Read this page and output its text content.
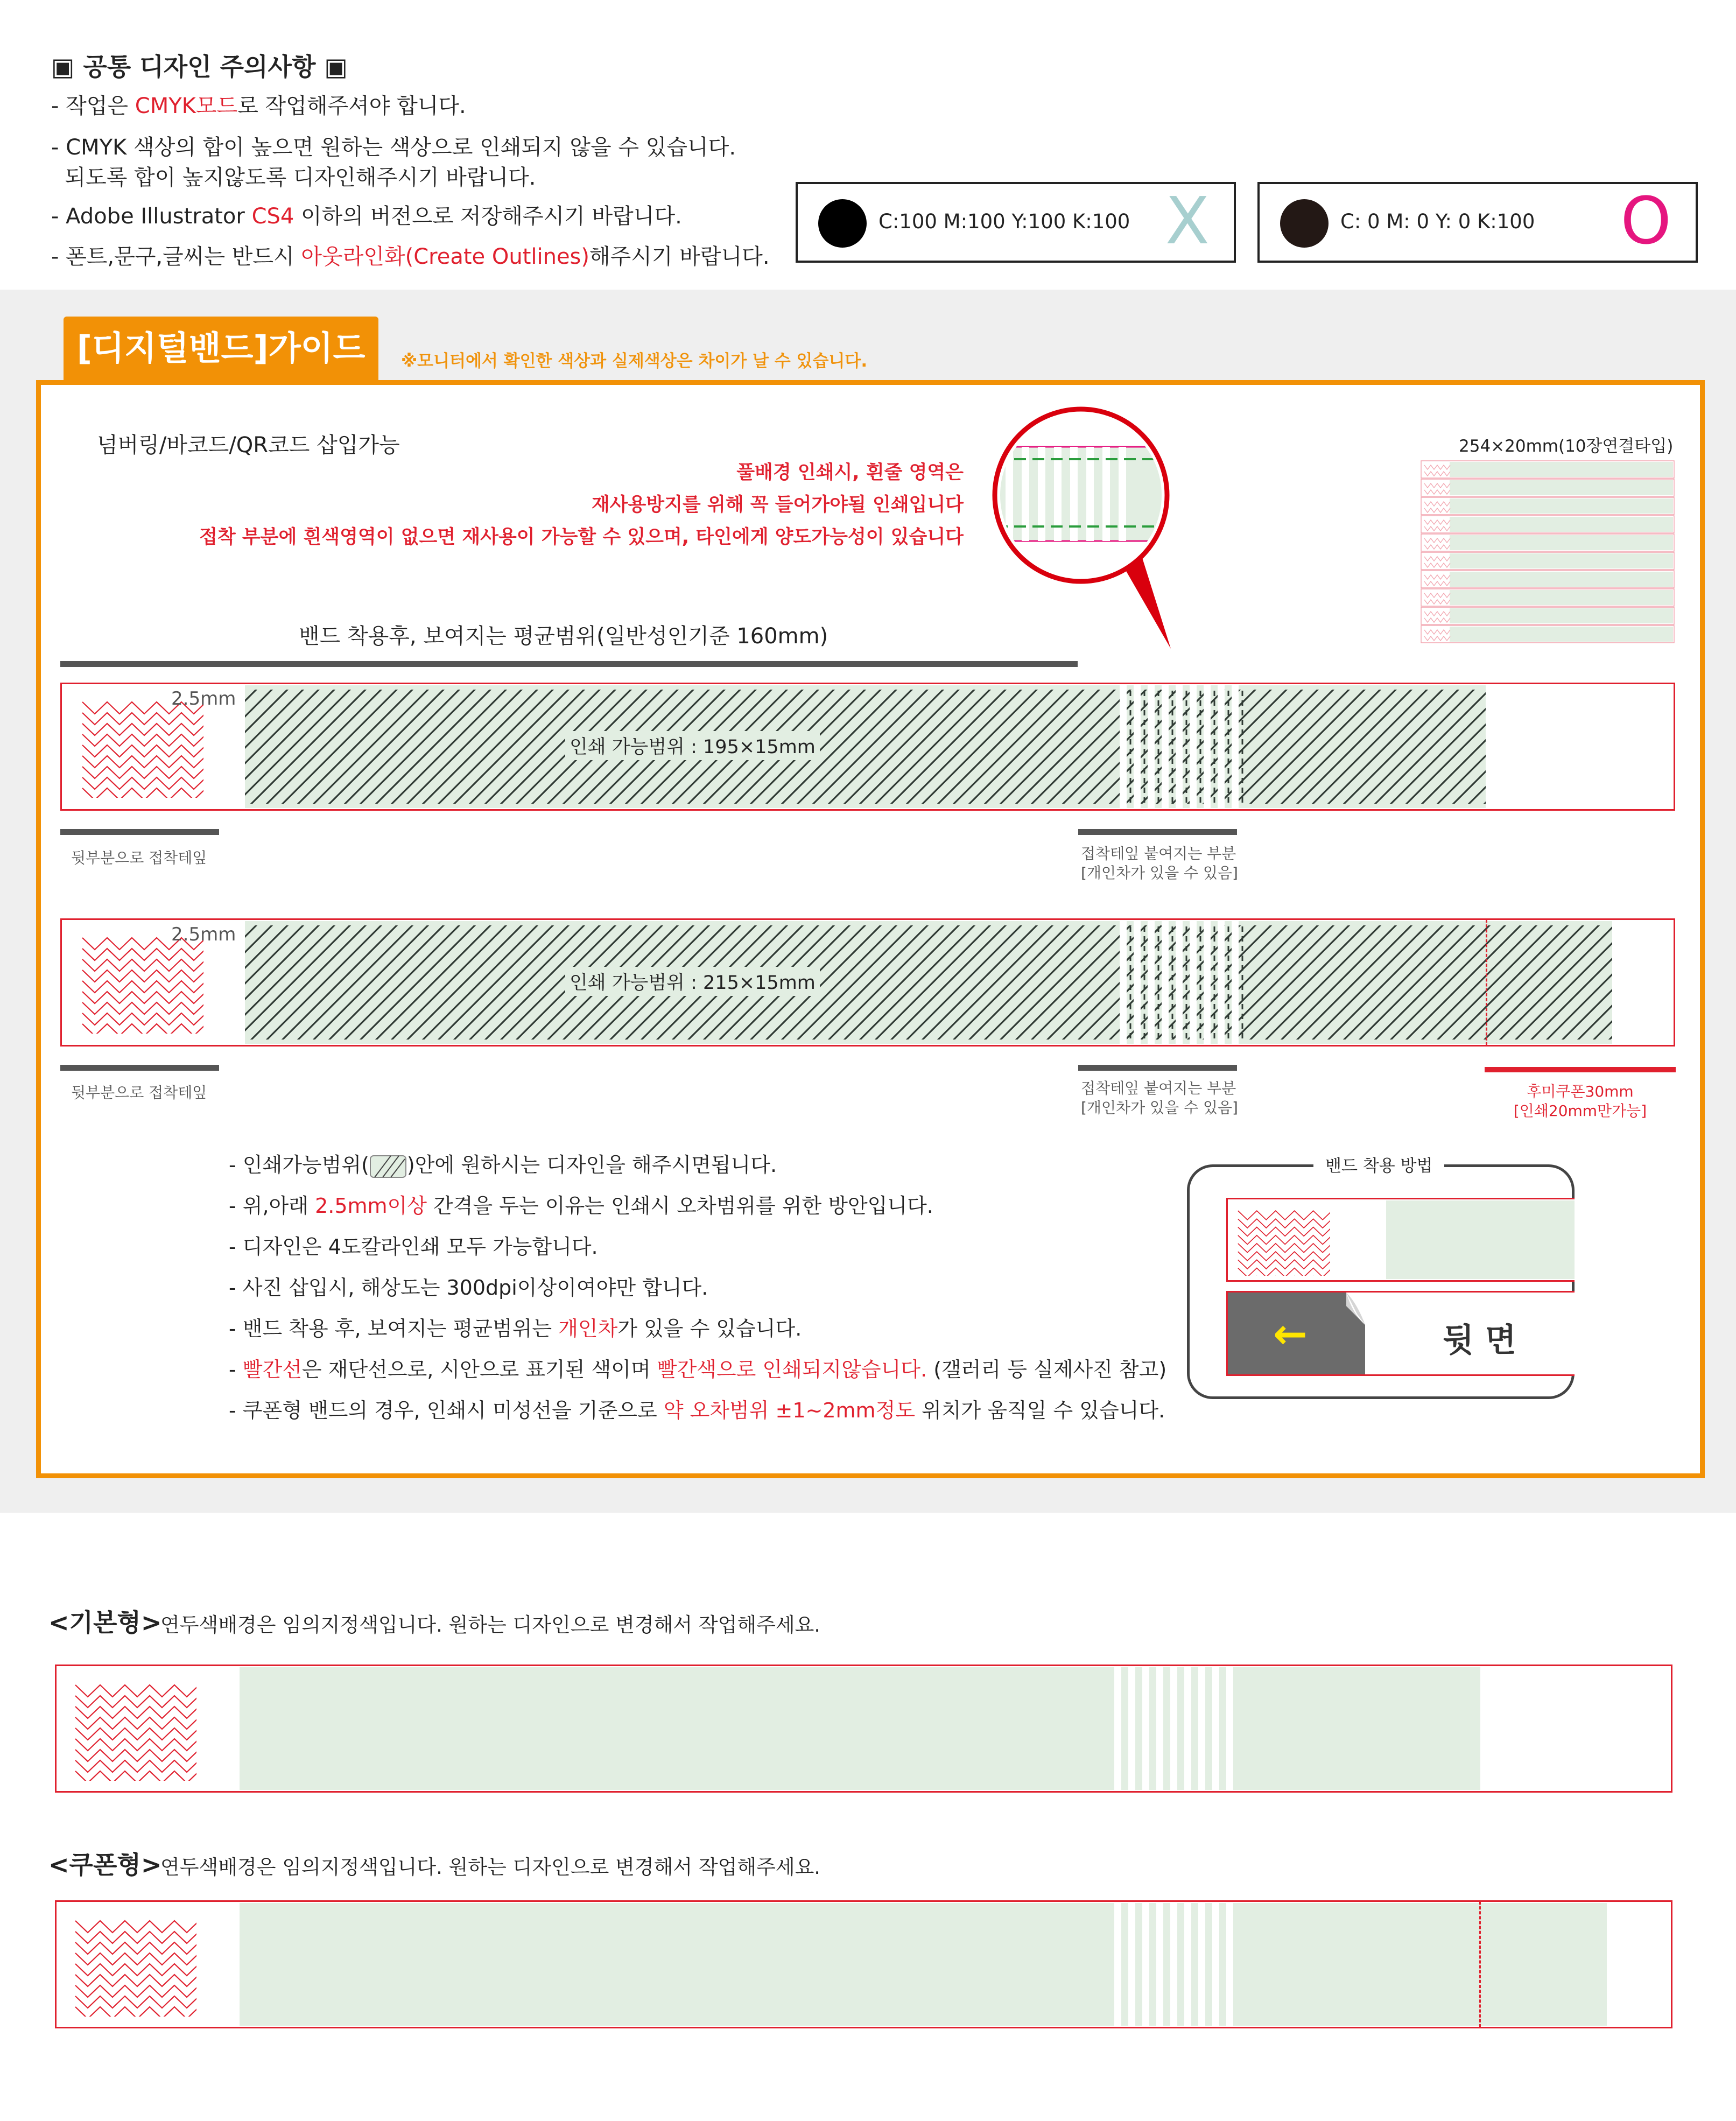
▣ 공통 디자인 주의사항 ▣
- 작업은 CMYK모드로 작업해주셔야 합니다.
- CMYK 색상의 합이 높으면 원하는 색상으로 인쇄되지 않을 수 있습니다.
되도록 합이 높지않도록 디자인해주시기 바랍니다.
- Adobe Illustrator CS4 이하의 버전으로 저장해주시기 바랍니다.
- 폰트,문구,글씨는 반드시 아웃라인화(Create Outlines)해주시기 바랍니다.
C:100 M:100 Y:100 K:100 X	C: 0 M: 0 Y: 0 K:100 O
[디지털밴드]가이드	※모니터에서 확인한 색상과 실제색상은 차이가 날 수 있습니다.
넘버링/바코드/QR코드 삽입가능
풀배경 인쇄시, 흰줄 영역은
재사용방지를 위해 꼭 들어가야될 인쇄입니다
접착 부분에 흰색영역이 없으면 재사용이 가능할 수 있으며, 타인에게 양도가능성이 있습니다
254×20mm(10장연결타입)
밴드 착용후, 보여지는 평균범위(일반성인기준 160mm)
2.5mm
인쇄 가능범위 : 195×15mm
뒷부분으로 접착테잎	접착테잎 붙여지는 부분
[개인차가 있을 수 있음]
2.5mm
인쇄 가능범위 : 215×15mm
뒷부분으로 접착테잎	접착테잎 붙여지는 부분
[개인차가 있을 수 있음]
후미쿠폰30mm
[인쇄20mm만가능]
- 인쇄가능범위( )안에 원하시는 디자인을 해주시면됩니다.
- 위,아래 2.5mm이상 간격을 두는 이유는 인쇄시 오차범위를 위한 방안입니다.
- 디자인은 4도칼라인쇄 모두 가능합니다.
- 사진 삽입시, 해상도는 300dpi이상이여야만 합니다.
- 밴드 착용 후, 보여지는 평균범위는 개인차가 있을 수 있습니다.
- 빨간선은 재단선으로, 시안으로 표기된 색이며 빨간색으로 인쇄되지않습니다. (갤러리 등 실제사진 참고)
- 쿠폰형 밴드의 경우, 인쇄시 미성선을 기준으로 약 오차범위 ±1~2mm정도 위치가 움직일 수 있습니다.
밴드 착용 방법
←	뒷 면
<기본형>
연두색배경은 임의지정색입니다. 원하는 디자인으로 변경해서 작업해주세요.
<쿠폰형>
연두색배경은 임의지정색입니다. 원하는 디자인으로 변경해서 작업해주세요.
